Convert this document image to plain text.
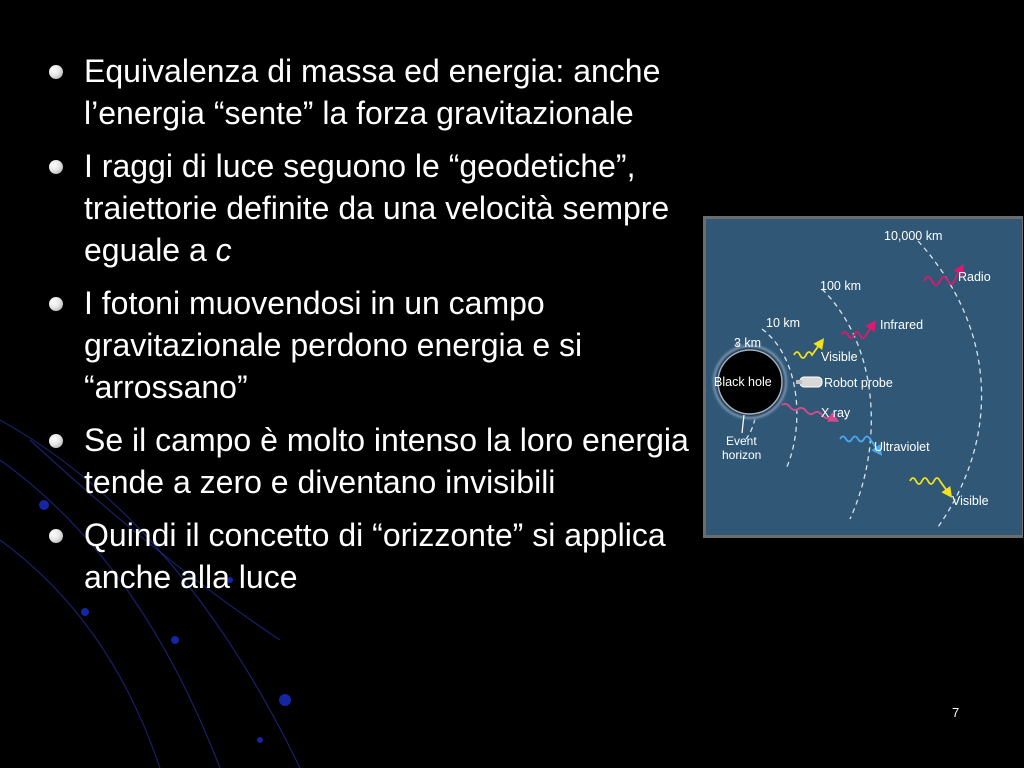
Equivalenza di massa ed energia: anche l’energia “sente” la forza gravitazionale
I raggi di luce seguono le “geodetiche”, traiettorie definite da una velocità sempre eguale a c
I fotoni muovendosi in un campo gravitazionale perdono energia e si “arrossano”
Se il campo è molto intenso la loro energia tende a zero e diventano invisibili
Quindi il concetto di “orizzonte” si applica anche alla luce
Black hole
Event
horizon
10,000 km
100 km
10 km
3 km
Robot probe
Radio
Infrared
Visible
X ray
Ultraviolet
Visible
7
